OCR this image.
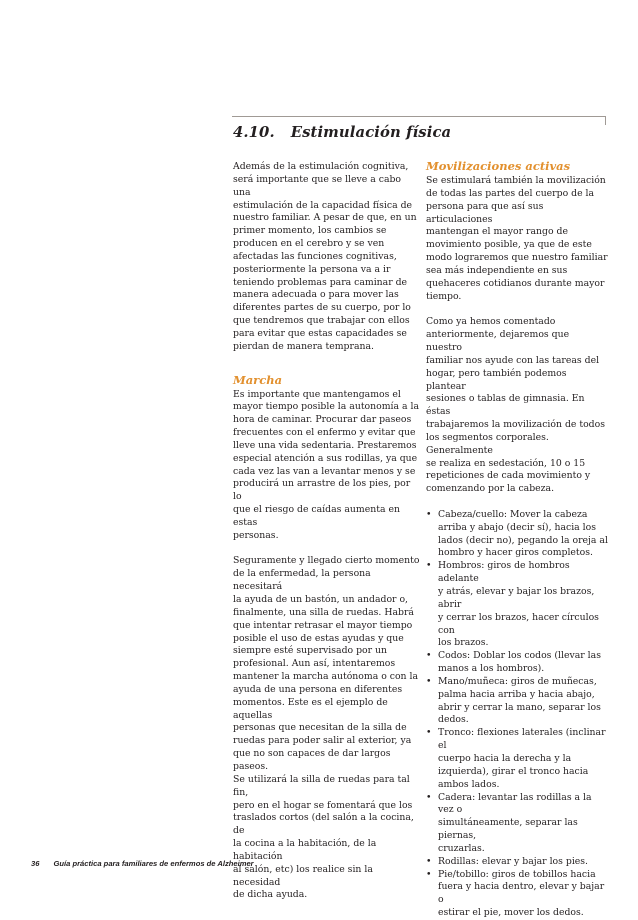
4.10. Estimulación física

Además de la estimulación cognitiva,
será importante que se lleve a cabo una
estimulación de la capacidad física de
nuestro familiar. A pesar de que, en un
primer momento, los cambios se
producen en el cerebro y se ven
afectadas las funciones cognitivas,
posteriormente la persona va a ir
teniendo problemas para caminar de
manera adecuada o para mover las
diferentes partes de su cuerpo, por lo
que tendremos que trabajar con ellos
para evitar que estas capacidades se
pierdan de manera temprana.

Marcha

Es importante que mantengamos el
mayor tiempo posible la autonomía a la
hora de caminar. Procurar dar paseos
frecuentes con el enfermo y evitar que
lleve una vida sedentaria. Prestaremos
especial atención a sus rodillas, ya que
cada vez las van a levantar menos y se
producirá un arrastre de los pies, por lo
que el riesgo de caídas aumenta en estas
personas.

Seguramente y llegado cierto momento
de la enfermedad, la persona necesitará
la ayuda de un bastón, un andador o,
finalmente, una silla de ruedas. Habrá
que intentar retrasar el mayor tiempo
posible el uso de estas ayudas y que
siempre esté supervisado por un
profesional. Aun así, intentaremos
mantener la marcha autónoma o con la
ayuda de una persona en diferentes
momentos. Este es el ejemplo de aquellas
personas que necesitan de la silla de
ruedas para poder salir al exterior, ya
que no son capaces de dar largos paseos.
Se utilizará la silla de ruedas para tal fin,
pero en el hogar se fomentará que los
traslados cortos (del salón a la cocina, de
la cocina a la habitación, de la habitación
al salón, etc) los realice sin la necesidad
de dicha ayuda.

Movilizaciones activas

Se estimulará también la movilización
de todas las partes del cuerpo de la
persona para que así sus articulaciones
mantengan el mayor rango de
movimiento posible, ya que de este
modo lograremos que nuestro familiar
sea más independiente en sus
quehaceres cotidianos durante mayor
tiempo.

Como ya hemos comentado
anteriormente, dejaremos que nuestro
familiar nos ayude con las tareas del
hogar, pero también podemos plantear
sesiones o tablas de gimnasia. En éstas
trabajaremos la movilización de todos
los segmentos corporales. Generalmente
se realiza en sedestación, 10 o 15
repeticiones de cada movimiento y
comenzando por la cabeza.

• Cabeza/cuello: Mover la cabeza
arriba y abajo (decir sí), hacia los
lados (decir no), pegando la oreja al
hombro y hacer giros completos.
• Hombros: giros de hombros adelante
y atrás, elevar y bajar los brazos, abrir
y cerrar los brazos, hacer círculos con
los brazos.
• Codos: Doblar los codos (llevar las
manos a los hombros).
• Mano/muñeca: giros de muñecas,
palma hacia arriba y hacia abajo,
abrir y cerrar la mano, separar los
dedos.
• Tronco: flexiones laterales (inclinar el
cuerpo hacia la derecha y la
izquierda), girar el tronco hacia
ambos lados.
• Cadera: levantar las rodillas a la vez o
simultáneamente, separar las piernas,
cruzarlas.
• Rodillas: elevar y bajar los pies.
• Pie/tobillo: giros de tobillos hacia
fuera y hacia dentro, elevar y bajar o
estirar el pie, mover los dedos.
36 Guía práctica para familiares de enfermos de Alzheimer
